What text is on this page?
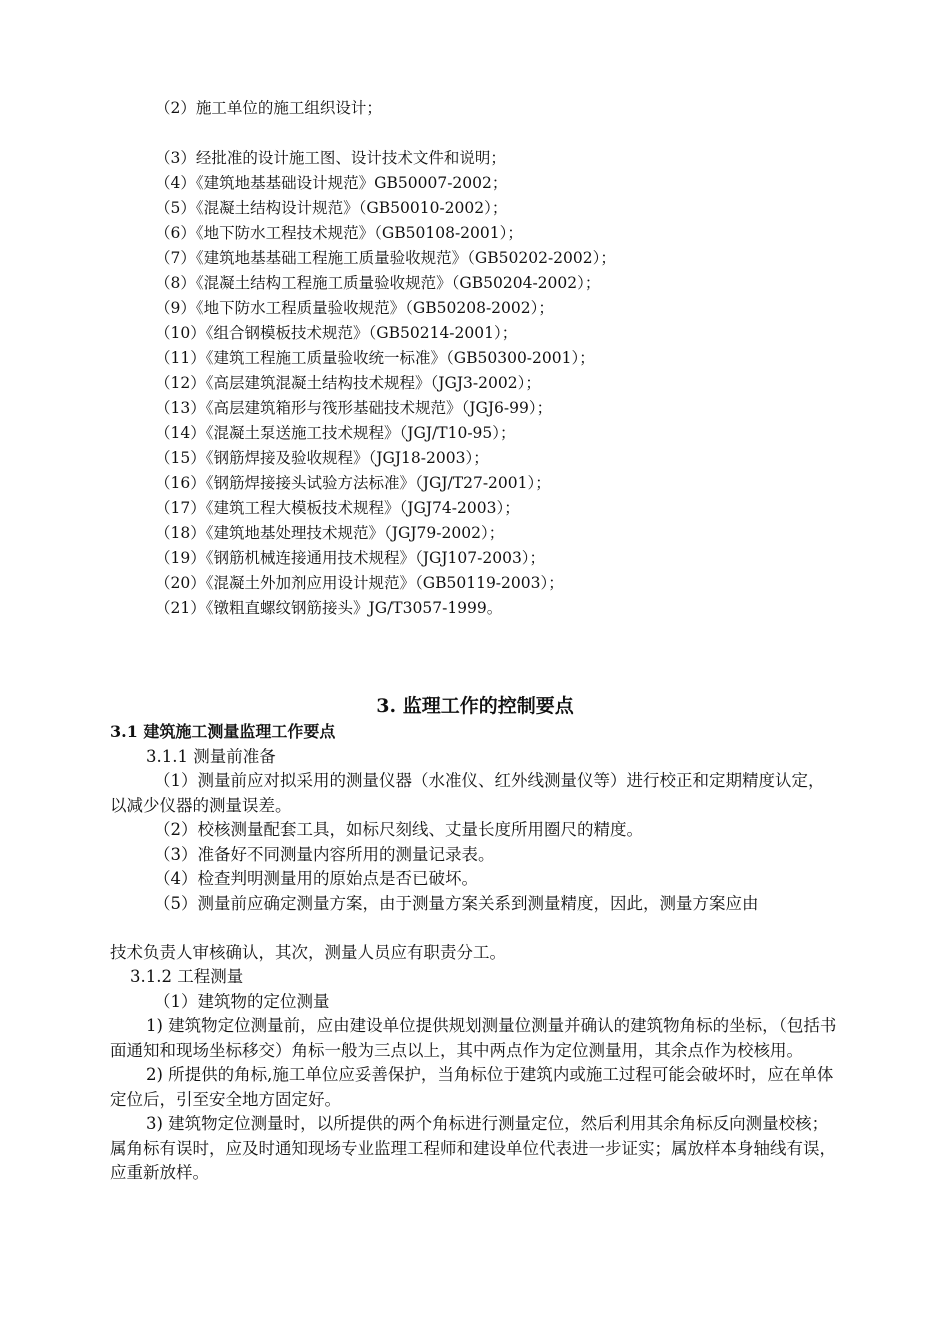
（2）施工单位的施工组织设计；
（3）经批准的设计施工图、设计技术文件和说明；
（4）《建筑地基基础设计规范》GB50007-2002；
（5）《混凝土结构设计规范》（GB50010-2002）；
（6）《地下防水工程技术规范》（GB50108-2001）；
（7）《建筑地基基础工程施工质量验收规范》（GB50202-2002）；
（8）《混凝土结构工程施工质量验收规范》（GB50204-2002）；
（9）《地下防水工程质量验收规范》（GB50208-2002）；
（10）《组合钢模板技术规范》（GB50214-2001）；
（11）《建筑工程施工质量验收统一标准》（GB50300-2001）；
（12）《高层建筑混凝土结构技术规程》（JGJ3-2002）；
（13）《高层建筑箱形与筏形基础技术规范》（JGJ6-99）；
（14）《混凝土泵送施工技术规程》（JGJ/T10-95）；
（15）《钢筋焊接及验收规程》（JGJ18-2003）；
（16）《钢筋焊接接头试验方法标准》（JGJ/T27-2001）；
（17）《建筑工程大模板技术规程》（JGJ74-2003）；
（18）《建筑地基处理技术规范》（JGJ79-2002）；
（19）《钢筋机械连接通用技术规程》（JGJ107-2003）；
（20）《混凝土外加剂应用设计规范》（GB50119-2003）；
（21）《镦粗直螺纹钢筋接头》JG/T3057-1999。
3. 监理工作的控制要点
3.1 建筑施工测量监理工作要点
3.1.1 测量前准备

（1）测量前应对拟采用的测量仪器（水准仪、红外线测量仪等）进行校正和定期精度认定，以减少仪器的测量误差。

（2）校核测量配套工具，如标尺刻线、丈量长度所用圈尺的精度。

（3）准备好不同测量内容所用的测量记录表。

（4）检查判明测量用的原始点是否已破坏。

（5）测量前应确定测量方案，由于测量方案关系到测量精度，因此，测量方案应由

技术负责人审核确认，其次，测量人员应有职责分工。

3.1.2 工程测量

（1）建筑物的定位测量

1) 建筑物定位测量前，应由建设单位提供规划测量位测量并确认的建筑物角标的坐标，（包括书面通知和现场坐标移交）角标一般为三点以上，其中两点作为定位测量用，其余点作为校核用。

2) 所提供的角标,施工单位应妥善保护，当角标位于建筑内或施工过程可能会破坏时，应在单体定位后，引至安全地方固定好。

3) 建筑物定位测量时，以所提供的两个角标进行测量定位，然后利用其余角标反向测量校核；属角标有误时，应及时通知现场专业监理工程师和建设单位代表进一步证实；属放样本身轴线有误，应重新放样。
